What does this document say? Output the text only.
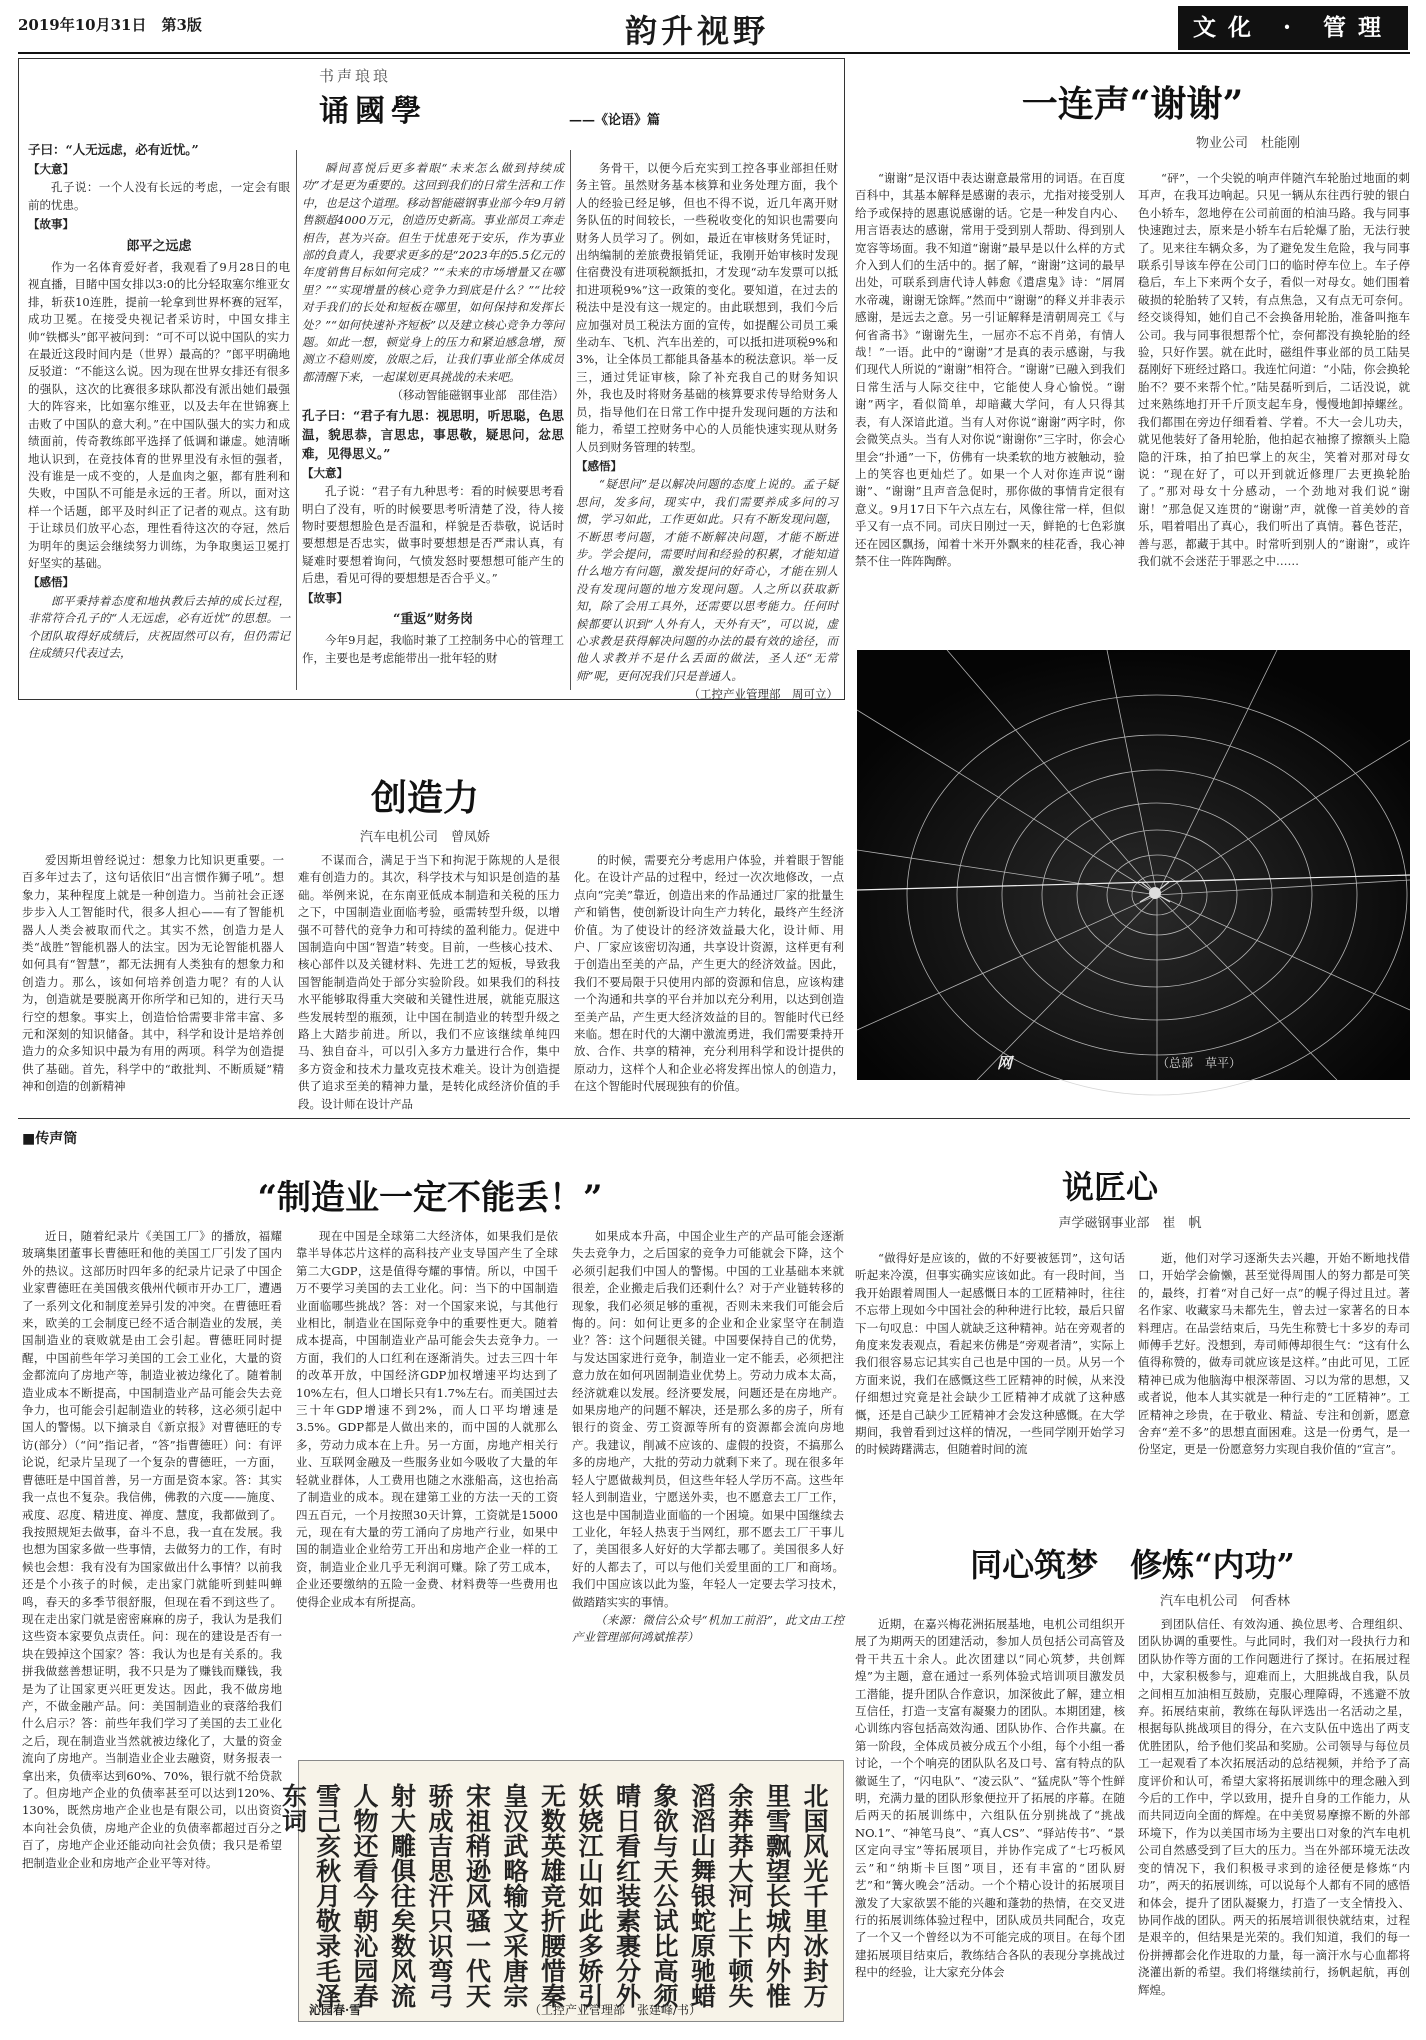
2019年10月31日　第3版	韵升视野	文化 · 管理
书声琅琅
诵國學	——《论语》篇

子曰：“人无远虑，必有近忧。”

【大意】

孔子说：一个人没有长远的考虑，一定会有眼前的忧患。

【故事】

郎平之远虑

作为一名体育爱好者，我观看了9月28日的电视直播，目睹中国女排以3:0的比分轻取塞尔维亚女排，斩获10连胜，提前一轮拿到世界杯赛的冠军，成功卫冕。在接受央视记者采访时，中国女排主帅“铁榔头”郎平被问到：“可不可以说中国队的实力在最近这段时间内是（世界）最高的？”郎平明确地反驳道：“不能这么说。因为现在世界女排还有很多的强队，这次的比赛很多球队都没有派出她们最强大的阵容来，比如塞尔维亚，以及去年在世锦赛上击败了中国队的意大利。”在中国队强大的实力和成绩面前，传奇教练郎平选择了低调和谦虚。她清晰地认识到，在竞技体育的世界里没有永恒的强者，没有谁是一成不变的，人是血肉之躯，都有胜利和失败，中国队不可能是永远的王者。所以，面对这样一个话题，郎平及时纠正了记者的观点。这有助于让球员们放平心态，理性看待这次的夺冠，然后为明年的奥运会继续努力训练，为争取奥运卫冕打好坚实的基础。

【感悟】

郎平秉持着态度和地执教后去掉的成长过程，非常符合孔子的“人无远虑，必有近忧”的思想。一个团队取得好成绩后，庆祝固然可以有，但仍需记住成绩只代表过去，

瞬间喜悦后更多着眼“未来怎么做到持续成功”才是更为重要的。这回到我们的日常生活和工作中，也是这个道理。移动智能磁钢事业部今年9月销售额超4000万元，创造历史新高。事业部员工奔走相告，甚为兴奋。但生于忧患死于安乐，作为事业部的負責人，我要求更多的是“2023年的5.5亿元的年度销售目标如何完成？”“未来的市场增量又在哪里？”“实现增量的核心竞争力到底是什么？”“比较对手我们的长处和短板在哪里，如何保持和发挥长处？”“如何快速补齐短板”以及建立核心竞争力等问题。如此一想，顿觉身上的压力和紧迫感急增，预测立不稳则废，放眼之后，让我们事业部全体成员都清醒下来，一起谋划更具挑战的未来吧。

（移动智能磁钢事业部　邵佳浩）

孔子曰：“君子有九思：视思明，听思聪，色思温，貌思恭，言思忠，事思敬，疑思问，忿思难，见得思义。”

【大意】

孔子说：“君子有九种思考：看的时候要思考看明白了没有，听的时候要思考听清楚了没，待人接物时要想想脸色是否温和，样貌是否恭敬，说话时要想想是否忠实，做事时要想想是否严肃认真，有疑难时要想着询问，气愤发怒时要想想可能产生的后患，看见可得的要想想是否合乎义。”

【故事】

“重返”财务岗

今年9月起，我临时兼了工控制务中心的管理工作，主要也是考虑能带出一批年轻的财

务骨干，以便今后充实到工控各事业部担任财务主管。虽然财务基本核算和业务处理方面，我个人的经验已经足够，但也不得不说，近几年离开财务队伍的时间较长，一些税收变化的知识也需要向财务人员学习了。例如，最近在审核财务凭证时，出纳编制的差旅费报销凭证，我刚开始审核时发现住宿费没有进项税额抵扣，才发现“动车发票可以抵扣进项税9%”这一政策的变化。要知道，在过去的税法中是没有这一规定的。由此联想到，我们今后应加强对员工税法方面的宣传，如提醒公司员工乘坐动车、飞机、汽车出差的，可以抵扣进项税9%和3%，让全体员工都能具备基本的税法意识。举一反三，通过凭证审核，除了补充我自己的财务知识外，我也及时将财务基础的核算要求传导给财务人员，指导他们在日常工作中提升发现问题的方法和能力，希望工控财务中心的人员能快速实现从财务人员到财务管理的转型。

【感悟】

“疑思问”是以解决问题的态度上说的。孟子疑思问，发多问，现实中，我们需要养成多问的习惯，学习如此，工作更如此。只有不断发现问题，不断思考问题，才能不断解决问题，才能不断进步。学会提问，需要时间和经验的积累，才能知道什么地方有问题，激发提问的好奇心，才能在别人没有发现问题的地方发现问题。人之所以获取新知，除了会用工具外，还需要以思考能力。任何时候都要认识到“人外有人，天外有天”，可以说，虚心求教是获得解决问题的办法的最有效的途径，而他人求教并不是什么丢面的做法，圣人还“无常师”呢，更何况我们只是普通人。

（工控产业管理部　周可立）

一连声“谢谢”
物业公司　杜能刚

“谢谢”是汉语中表达谢意最常用的词语。在百度百科中，其基本解释是感谢的表示，尤指对接受别人给予或保持的恩惠说感谢的话。它是一种发自内心、用言语表达的感谢，常用于受到别人帮助、得到别人宽容等场面。我不知道“谢谢”最早是以什么样的方式介入到人们的生活中的。据了解，“谢谢”这词的最早出处，可联系到唐代诗人韩愈《遣虐鬼》诗：“屑屑水帝魂，谢谢无馀辉。”然而中“谢谢”的释义并非表示感谢，是远去之意。另一引证解释是清朝周亮工《与何省斋书》“谢谢先生，一屈亦不忘不肖弟，有情人哉！”一语。此中的“谢谢”才是真的表示感谢，与我们现代人所说的“谢谢”相符合。“谢谢”已融入到我们日常生活与人际交往中，它能使人身心愉悦。“谢谢”两字，看似简单，却暗藏大学问，有人只得其表，有人深谙此道。当有人对你说“谢谢”两字时，你会微笑点头。当有人对你说“谢谢你”三字时，你会心里会“扑通”一下，仿佛有一块柔软的地方被触动，验上的笑容也更灿烂了。如果一个人对你连声说“谢谢”、“谢谢”且声音急促时，那你做的事情肯定很有意义。9月17日下午六点左右，风像往常一样，但似乎又有一点不同。司庆日刚过一天，鲜艳的七色彩旗还在园区飘扬，闻着十米开外飘来的桂花香，我心神禁不住一阵阵陶醉。

“砰”，一个尖锐的响声伴随汽车轮胎过地面的刺耳声，在我耳边响起。只见一辆从东往西行驶的银白色小轿车，忽地停在公司前面的柏油马路。我与同事快速跑过去，原来是小轿车右后轮爆了胎，无法行驶了。见来往车辆众多，为了避免发生危险，我与同事联系引导该车停在公司门口的临时停车位上。车子停稳后，车上下来两个女子，看似一对母女。她们围着破损的轮胎转了又转，有点焦急，又有点无可奈何。经交谈得知，她们自己不会换备用轮胎，准备叫拖车公司。我与同事很想帮个忙，奈何都没有换轮胎的经验，只好作罢。就在此时，磁组件事业部的员工陆昊磊刚好下班经过路口。我连忙问道：“小陆，你会换轮胎不？要不来帮个忙。”陆昊磊听到后，二话没说，就过来熟练地打开千斤顶支起车身，慢慢地卸掉螺丝。我们都围在旁边仔细看着、学着。不大一会儿功夫，就见他装好了备用轮胎，他拍起衣袖擦了擦额头上隐隐的汗珠，拍了拍巴掌上的灰尘，笑着对那对母女说：“现在好了，可以开到就近修理厂去更换轮胎了。”那对母女十分感动，一个劲地对我们说“谢谢！”那急促又连贯的“谢谢”声，就像一首美妙的音乐，唱着唱出了真心，我们听出了真情。暮色苍茫，善与恶，都藏于其中。时常听到别人的“谢谢”，或许我们就不会迷茫于罪恶之中……

网	（总部　草平）
创造力
汽车电机公司　曾凤娇

爱因斯坦曾经说过：想象力比知识更重要。一百多年过去了，这句话依旧“出言惯作狮子吼”。想象力，某种程度上就是一种创造力。当前社会正逐步步入人工智能时代，很多人担心——有了智能机器人人类会被取而代之。其实不然，创造力是人类“战胜”智能机器人的法宝。因为无论智能机器人如何具有“智慧”，都无法拥有人类独有的想象力和创造力。那么，该如何培养创造力呢？有的人认为，创造就是要脱离开你所学和已知的，进行天马行空的想象。事实上，创造恰恰需要非常丰富、多元和深刻的知识储备。其中，科学和设计是培养创造力的众多知识中最为有用的两项。科学为创造提供了基础。首先，科学中的“敢批判、不断质疑”精神和创造的创新精神

不谋而合，满足于当下和拘泥于陈规的人是很难有创造力的。其次，科学技术与知识是创造的基础。举例来说，在东南亚低成本制造和关税的压力之下，中国制造业面临考验，亟需转型升级，以增强不可替代的竞争力和可持续的盈利能力。促进中国制造向中国“智造”转变。目前，一些核心技术、核心部件以及关键材料、先进工艺的短板，导致我国智能制造尚处于部分实验阶段。如果我们的科技水平能够取得重大突破和关键性进展，就能克服这些发展转型的瓶颈，让中国在制造业的转型升级之路上大踏步前进。所以，我们不应该继续单纯四马、独自奋斗，可以引入多方力量进行合作，集中多方资金和技术力量攻克技术难关。设计为创造提供了追求至美的精神力量，是转化成经济价值的手段。设计师在设计产品

的时候，需要充分考虑用户体验，并着眼于智能化。在设计产品的过程中，经过一次次地修改，一点点向“完美”靠近，创造出来的作品通过厂家的批量生产和销售，使创新设计向生产力转化，最终产生经济价值。为了使设计的经济效益最大化，设计师、用户、厂家应该密切沟通，共享设计资源，这样更有利于创造出至美的产品，产生更大的经济效益。因此，我们不要局限于只使用内部的资源和信息，应该构建一个沟通和共享的平台并加以充分利用，以达到创造至美产品，产生更大经济效益的目的。智能时代已经来临。想在时代的大潮中激流勇进，我们需要秉持开放、合作、共享的精神，充分利用科学和设计提供的原动力，这样个人和企业必将发挥出惊人的创造力，在这个智能时代展现独有的价值。

■传声筒
“制造业一定不能丢！”

近日，随着纪录片《美国工厂》的播放，福耀玻璃集团董事长曹德旺和他的美国工厂引发了国内外的热议。这部历时四年多的纪录片记录了中国企业家曹德旺在美国俄亥俄州代顿市开办工厂，遭遇了一系列文化和制度差异引发的冲突。在曹德旺看来，欧美的工会制度已经不适合制造业的发展，美国制造业的衰败就是由工会引起。曹德旺同时提醒，中国前些年学习美国的工会工业化，大量的资金都流向了房地产等，制造业被边缘化了。随着制造业成本不断提高，中国制造业产品可能会失去竞争力，也可能会引起制造业的转移，这必须引起中国人的警惕。以下摘录自《新京报》对曹德旺的专访(部分）（“问”指记者，“答”指曹德旺）问：有评论说，纪录片呈现了一个复杂的曹德旺，一方面，曹德旺是中国首善，另一方面是资本家。答：其实我一点也不复杂。我信佛，佛教的六度——施度、戒度、忍度、精进度、禅度、慧度，我都做到了。我按照规矩去做事，奋斗不息，我一直在发展。我也想为国家多做一些事情，去做努力的工作，有时候也会想：我有没有为国家做出什么事情？以前我还是个小孩子的时候，走出家门就能听到蛙叫蝉鸣，春天的多季节很舒服，但现在看不到这些了。现在走出家门就是密密麻麻的房子，我认为是我们这些资本家要负点责任。问：现在的建设是否有一块在毁掉这个国家？答：我认为也是有关系的。我拼我做慈善想证明，我不只是为了赚钱而赚钱，我是为了让国家更兴旺更发达。因此，我不做房地产，不做金融产品。问：美国制造业的衰落给我们什么启示？答：前些年我们学习了美国的去工业化之后，现在制造业当然就被边缘化了，大量的资金流向了房地产。当制造业企业去融资，财务报表一拿出来，负债率达到60%、70%，银行就不给贷款了。但房地产企业的负债率甚至可以达到120%、130%，既然房地产企业也是有限公司，以出资资本向社会负债，房地产企业的负债率都超过百分之百了，房地产企业还能动向社会负债；我只是希望把制造业企业和房地产企业平等对待。

现在中国是全球第二大经济体，如果我们是依靠半导体芯片这样的高科技产业支导国产生了全球第二大GDP，这是值得夸耀的事情。所以，中国千万不要学习美国的去工业化。问：当下的中国制造业面临哪些挑战？答：对一个国家来说，与其他行业相比，制造业在国际竞争中的重要性更大。随着成本提高，中国制造业产品可能会失去竞争力。一方面，我们的人口红利在逐渐消失。过去三四十年的改革开放，中国经济GDP加权增速平均达到了10%左右，但人口增长只有1.7%左右。而美国过去三十年GDP增速不到2%，而人口平均增速是3.5%。GDP都是人做出来的，而中国的人就那么多，劳动力成本在上升。另一方面，房地产相关行业、互联网金融及一些服务业如今吸收了大量的年轻就业群体，人工费用也随之水涨船高，这也抬高了制造业的成本。现在建第工业的方法一天的工资四五百元，一个月按照30天计算，工资就是15000元，现在有大量的劳工涌向了房地产行业，如果中国的制造业企业给劳工开出和房地产企业一样的工资，制造业企业几乎无利润可赚。除了劳工成本，企业还要缴纳的五险一金费、材料费等一些费用也使得企业成本有所提高。

如果成本升高，中国企业生产的产品可能会逐渐失去竞争力，之后国家的竞争力可能就会下降，这个必须引起我们中国人的警惕。中国的工业基础本来就很差，企业搬走后我们还剩什么？对于产业链转移的现象，我们必须足够的重视，否则未来我们可能会后悔的。问：如何让更多的企业和企业家坚守在制造业？答：这个问题很关键。中国要保持自己的优势，与发达国家进行竞争，制造业一定不能丢，必须把注意力放在如何巩固制造业优势上。劳动力成本太高，经济就难以发展。经济要发展，问题还是在房地产。如果房地产的问题不解决，还是那么多的房子，所有银行的资金、劳工资源等所有的资源都会流向房地产。我建议，削减不应该的、虚假的投资，不搞那么多的房地产，大批的劳动力就剩下来了。现在很多年轻人宁愿做裁判员，但这些年轻人学历不高。这些年轻人到制造业，宁愿送外卖，也不愿意去工厂工作，这也是中国制造业面临的一个困境。如果中国继续去工业化，年轻人热衷于当网红，那不愿去工厂干事儿了，美国很多人好好的大学都去哪了。美国很多人好好的人都去了，可以与他们关爱里面的工厂和商场。我们中国应该以此为鉴，年轻人一定要去学习技术，做踏踏实实的事情。

（来源：微信公众号“机加工前沿”，此文由工控产业管理部何鸿斌推荐）

北国风光千里冰封万
里雪飘望长城内外惟
余莽莽大河上下顿失
滔滔山舞银蛇原驰蜡
象欲与天公试比高须
晴日看红装素裹分外
妖娆江山如此多娇引
无数英雄竞折腰惜秦
皇汉武略输文采唐宗
宋祖稍逊风骚一代天
骄成吉思汗只识弯弓
射大雕俱往矣数风流
人物还看今朝沁园春
雪己亥秋月敬录毛泽东词
沁园春·雪	（工控产业管理部　张建峰/书）
说匠心
声学磁钢事业部　崔　帆

“做得好是应该的，做的不好要被惩罚”，这句话听起来冷漠，但事实确实应该如此。有一段时间，当我开始跟着周围人一起感慨日本的工匠精神时，往往不忘带上现如今中国社会的种种进行比较，最后只留下一句叹息：中国人就缺乏这种精神。站在旁观者的角度来发表观点，看起来仿佛是“旁观者清”，实际上我们很容易忘记其实自己也是中国的一员。从另一个方面来说，我们在感慨这些工匠精神的时候，从来没仔细想过究竟是社会缺少工匠精神才成就了这种感慨，还是自己缺少工匠精神才会发这种感慨。在大学期间，我曾看到过这样的情况，一些同学刚开始学习的时候踌躇满志，但随着时间的流

逝，他们对学习逐渐失去兴趣，开始不断地找借口，开始学会偷懒，甚至觉得周围人的努力都是可笑的，最终，打着“对自己好一点”的幌子得过且过。著名作家、收藏家马未都先生，曾去过一家著名的日本料理店。在品尝结束后，马先生称赞七十多岁的寿司师傅手艺好。没想到，寿司师傅却很生气：“这有什么值得称赞的，做寿司就应该是这样。”由此可见，工匠精神已成为他脑海中根深蒂固、习以为常的思想，又或者说，他本人其实就是一种行走的“工匠精神”。工匠精神之珍贵，在于敬业、精益、专注和创新，愿意舍弃“差不多”的思想直面困难。这是一份勇气，是一份坚定，更是一份愿意努力实现自我价值的“宣言”。

同心筑梦　修炼“内功”
汽车电机公司　何香林

近期，在嘉兴梅花洲拓展基地，电机公司组织开展了为期两天的团建活动，参加人员包括公司高管及骨干共五十余人。此次团建以“同心筑梦，共创辉煌”为主题，意在通过一系列体验式培训项目激发员工潜能，提升团队合作意识，加深彼此了解，建立相互信任，打造一支富有凝聚力的团队。本期团建，核心训练内容包括高效沟通、团队协作、合作共赢。在第一阶段，全体成员被分成五个小组，每个小组一番讨论，一个个响亮的团队队名及口号、富有特点的队徽诞生了，“闪电队”、“凌云队”、“猛虎队”等个性鲜明，充满力量的团队形象便拉开了拓展的序幕。在随后两天的拓展训练中，六组队伍分别挑战了“挑战NO.1”、“神笔马良”、“真人CS”、“驿站传书”、“景区定向寻宝”等拓展项目，并协作完成了“七巧板风云”和“纳斯卡巨图”项目，还有丰富的“团队厨艺”和“篝火晚会”活动。一个个精心设计的拓展项目激发了大家欲罢不能的兴趣和蓬勃的热情，在交叉进行的拓展训练体验过程中，团队成员共同配合，攻克了一个又一个曾经以为不可能完成的项目。在每个团建拓展项目结束后，教练结合各队的表现分享挑战过程中的经验，让大家充分体会

到团队信任、有效沟通、换位思考、合理组织、团队协调的重要性。与此同时，我们对一段执行力和团队协作等方面的工作问题进行了探讨。在拓展过程中，大家积极参与，迎难而上，大胆挑战自我，队员之间相互加油相互鼓励，克服心理障碍，不逃避不放弃。拓展结束前，教练在每队评选出一名活动之星，根据每队挑战项目的得分，在六支队伍中选出了两支优胜团队，给予他们奖品和奖励。公司领导与每位员工一起观看了本次拓展活动的总结视频，并给予了高度评价和认可，希望大家将拓展训练中的理念融入到今后的工作中，学以致用，提升自身的工作能力，从而共同迈向全面的辉煌。在中美贸易摩擦不断的外部环境下，作为以美国市场为主要出口对象的汽车电机公司自然感受到了巨大的压力。当在外部环境无法改变的情况下，我们积极寻求到的途径便是修炼“内功”，两天的拓展训练，可以说每个人都有不同的感悟和体会，提升了团队凝聚力，打造了一支全情投入、协同作战的团队。两天的拓展培训很快就结束，过程是艰辛的，但结果是光荣的。我们知道，我们的每一份拼搏都会化作进取的力量，每一滴汗水与心血都将浇灌出新的希望。我们将继续前行，扬帆起航，再创辉煌。
